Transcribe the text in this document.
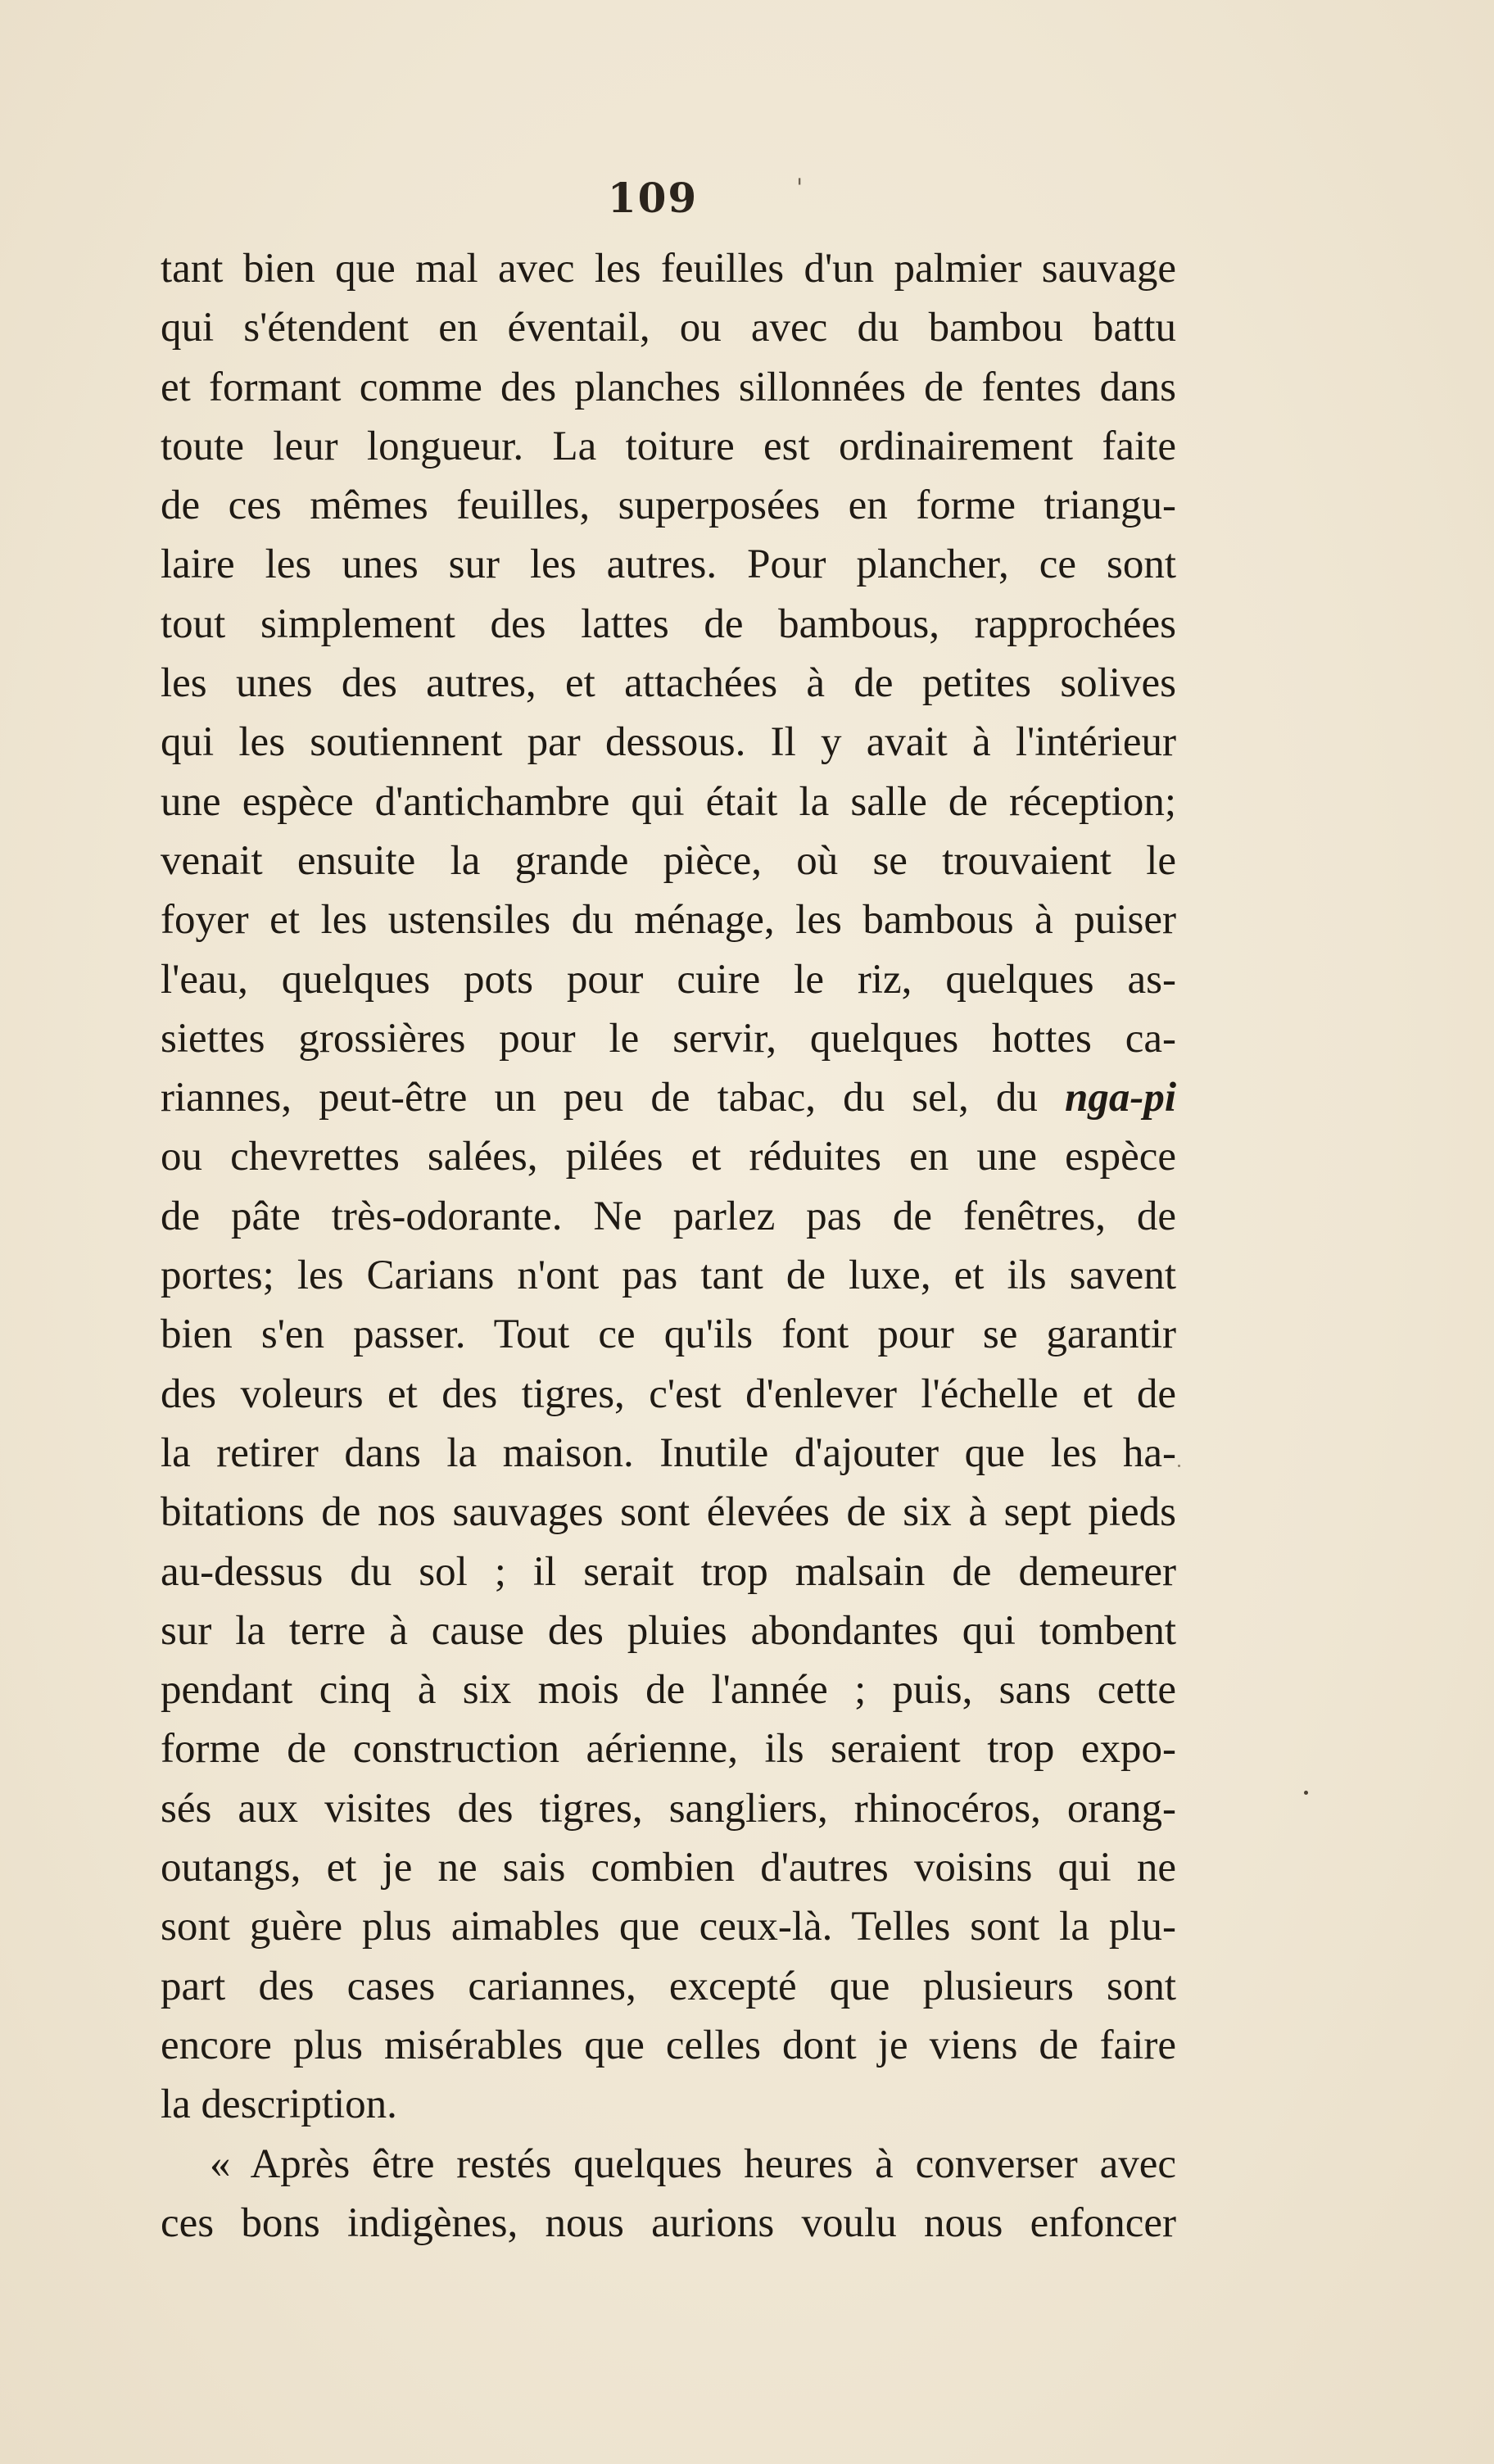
109	'
tant bien que mal avec les feuilles d'un palmier sauvage
qui s'étendent en éventail, ou avec du bambou battu
et formant comme des planches sillonnées de fentes dans
toute leur longueur. La toiture est ordinairement faite
de ces mêmes feuilles, superposées en forme triangu-
laire les unes sur les autres. Pour plancher, ce sont
tout simplement des lattes de bambous, rapprochées
les unes des autres, et attachées à de petites solives
qui les soutiennent par dessous. Il y avait à l'intérieur
une espèce d'antichambre qui était la salle de réception;
venait ensuite la grande pièce, où se trouvaient le
foyer et les ustensiles du ménage, les bambous à puiser
l'eau, quelques pots pour cuire le riz, quelques as-
siettes grossières pour le servir, quelques hottes ca-
riannes, peut-être un peu de tabac, du sel, du nga-pi
ou chevrettes salées, pilées et réduites en une espèce
de pâte très-odorante. Ne parlez pas de fenêtres, de
portes; les Carians n'ont pas tant de luxe, et ils savent
bien s'en passer. Tout ce qu'ils font pour se garantir
des voleurs et des tigres, c'est d'enlever l'échelle et de
la retirer dans la maison. Inutile d'ajouter que les ha-
bitations de nos sauvages sont élevées de six à sept pieds
au-dessus du sol ; il serait trop malsain de demeurer
sur la terre à cause des pluies abondantes qui tombent
pendant cinq à six mois de l'année ; puis, sans cette
forme de construction aérienne, ils seraient trop expo-
sés aux visites des tigres, sangliers, rhinocéros, orang-
outangs, et je ne sais combien d'autres voisins qui ne
sont guère plus aimables que ceux-là. Telles sont la plu-
part des cases cariannes, excepté que plusieurs sont
encore plus misérables que celles dont je viens de faire
la description.
« Après être restés quelques heures à converser avec
ces bons indigènes, nous aurions voulu nous enfoncer
